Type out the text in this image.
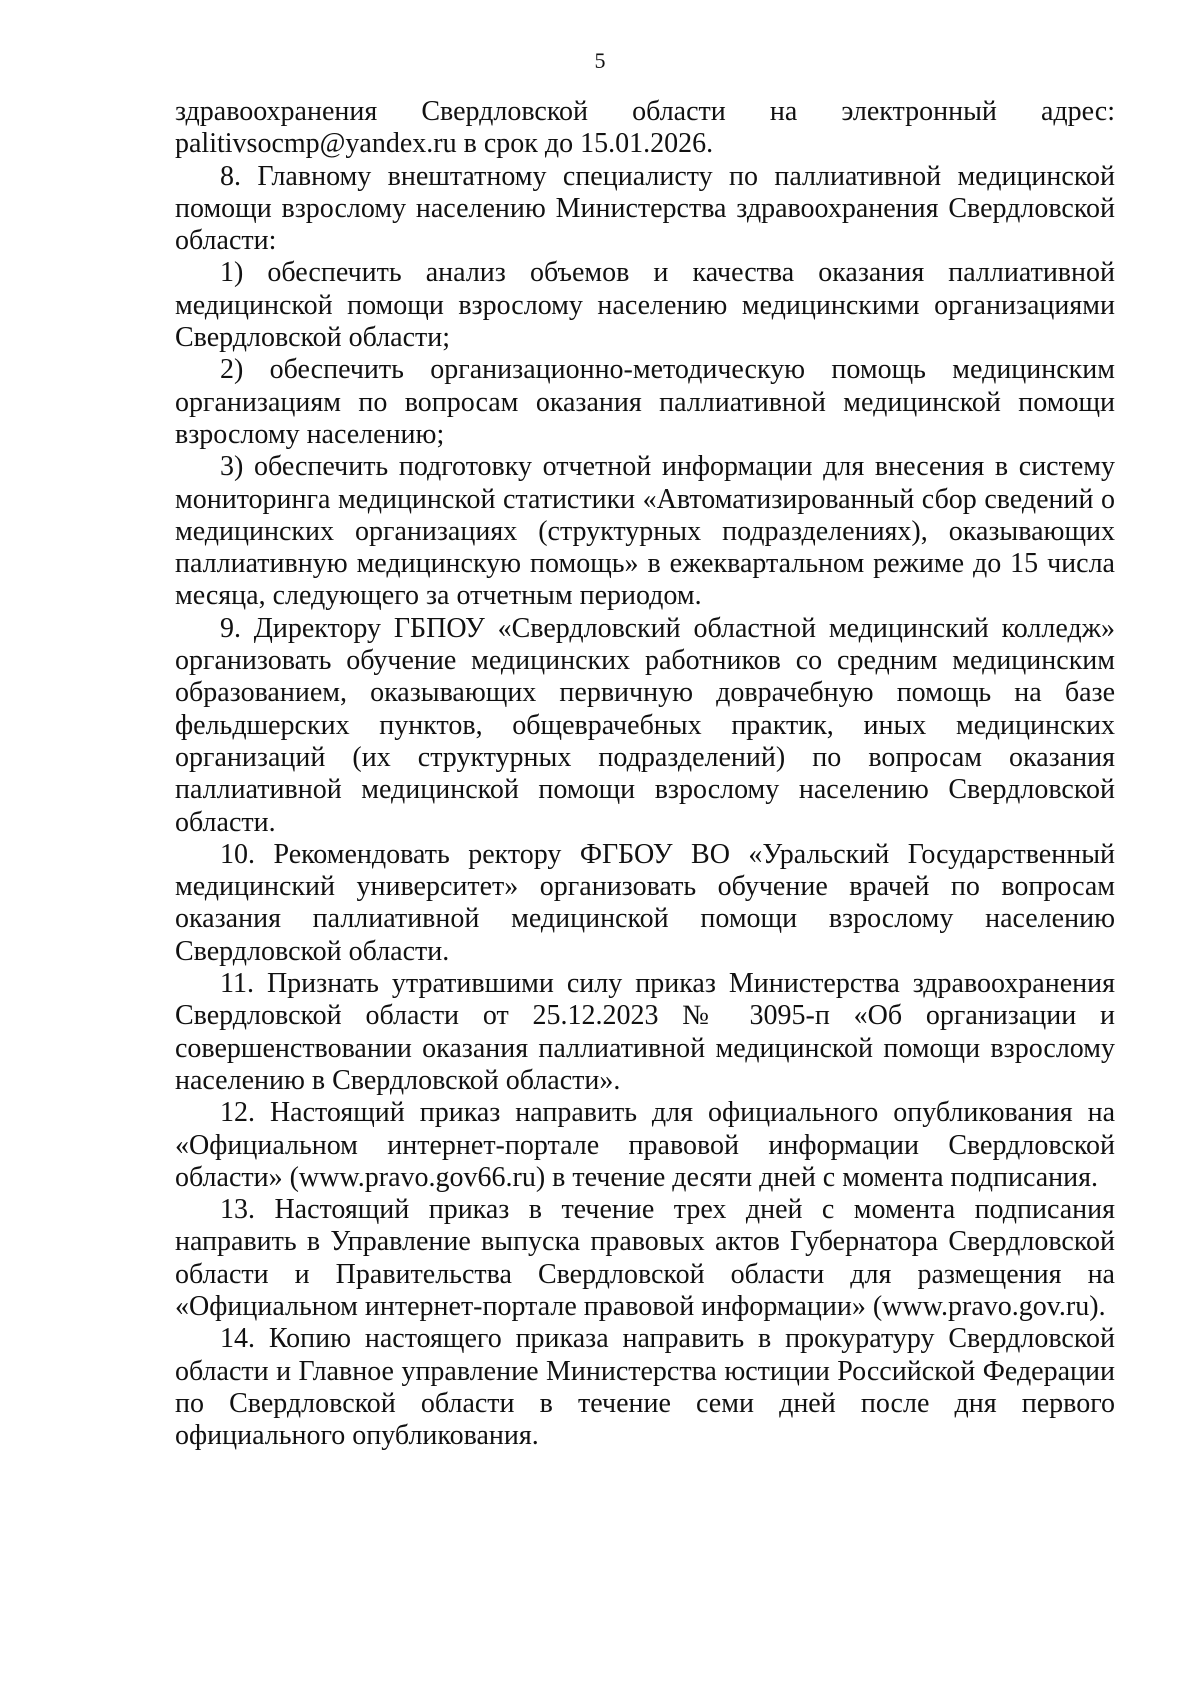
5

здравоохранения Свердловской области на электронный адрес:
palitivsocmp@yandex.ru в срок до 15.01.2026.

8. Главному внештатному специалисту по паллиативной медицинской помощи взрослому населению Министерства здравоохранения Свердловской области:

1) обеспечить анализ объемов и качества оказания паллиативной медицинской помощи взрослому населению медицинскими организациями Свердловской области;

2) обеспечить организационно-методическую помощь медицинским организациям по вопросам оказания паллиативной медицинской помощи взрослому населению;

3) обеспечить подготовку отчетной информации для внесения в систему мониторинга медицинской статистики «Автоматизированный сбор сведений о медицинских организациях (структурных подразделениях), оказывающих паллиативную медицинскую помощь» в ежеквартальном режиме до 15 числа месяца, следующего за отчетным периодом.

9. Директору ГБПОУ «Свердловский областной медицинский колледж» организовать обучение медицинских работников со средним медицинским образованием, оказывающих первичную доврачебную помощь на базе фельдшерских пунктов, общеврачебных практик, иных медицинских организаций (их структурных подразделений) по вопросам оказания паллиативной медицинской помощи взрослому населению Свердловской области.

10. Рекомендовать ректору ФГБОУ ВО «Уральский Государственный медицинский университет» организовать обучение врачей по вопросам оказания паллиативной медицинской помощи взрослому населению Свердловской области.

11. Признать утратившими силу приказ Министерства здравоохранения Свердловской области от 25.12.2023 № 3095-п «Об организации и совершенствовании оказания паллиативной медицинской помощи взрослому населению в Свердловской области».

12. Настоящий приказ направить для официального опубликования на «Официальном интернет-портале правовой информации Свердловской области» (www.pravo.gov66.ru) в течение десяти дней с момента подписания.

13. Настоящий приказ в течение трех дней с момента подписания направить в Управление выпуска правовых актов Губернатора Свердловской области и Правительства Свердловской области для размещения на «Официальном интернет-портале правовой информации» (www.pravo.gov.ru).

14. Копию настоящего приказа направить в прокуратуру Свердловской области и Главное управление Министерства юстиции Российской Федерации по Свердловской области в течение семи дней после дня первого официального опубликования.
